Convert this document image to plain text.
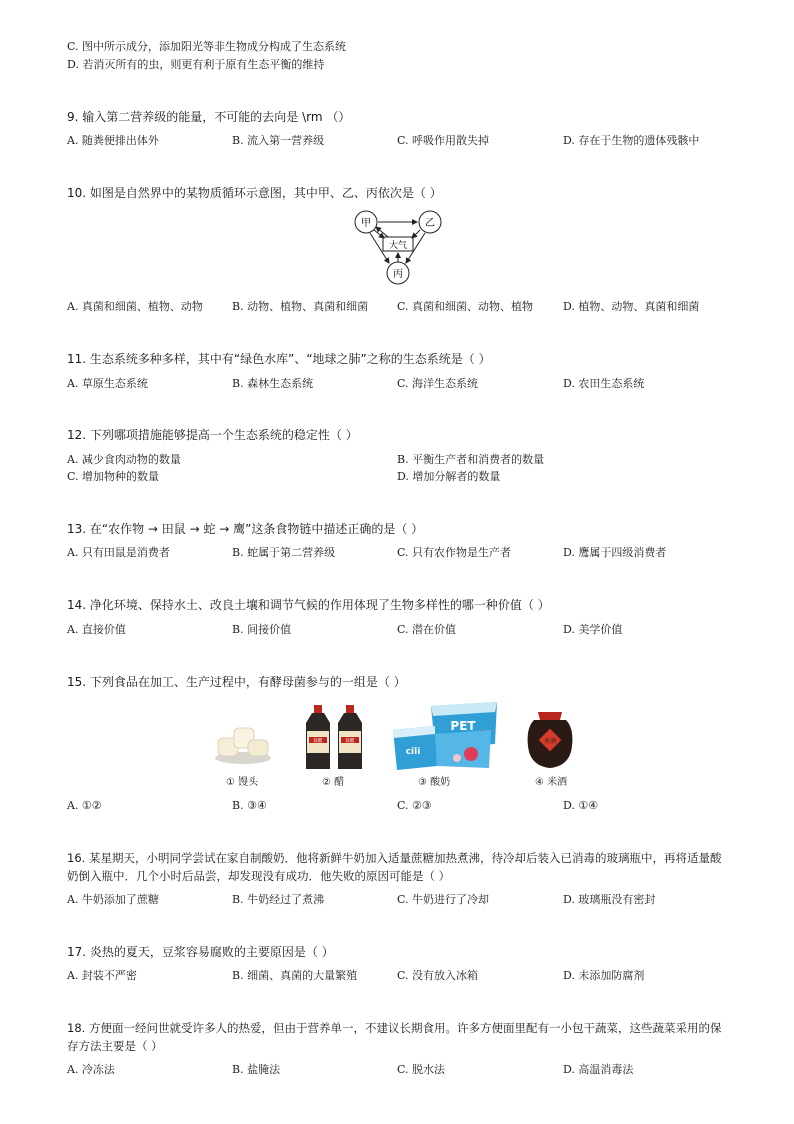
C. 图中所示成分，添加阳光等非生物成分构成了生态系统
D. 若消灭所有的虫，则更有利于原有生态平衡的维持
9. 输入第二营养级的能量，不可能的去向是 \rm （）
A. 随粪便排出体外	B. 流入第一营养级	C. 呼吸作用散失掉	D. 存在于生物的遗体残骸中
10. 如图是自然界中的某物质循环示意图，其中甲、乙、丙依次是（ ）
甲	乙
丙
大气
A. 真菌和细菌、植物、动物	B. 动物、植物、真菌和细菌	C. 真菌和细菌、动物、植物	D. 植物、动物、真菌和细菌
11. 生态系统多种多样，其中有“绿色水库”、“地球之肺”之称的生态系统是（ ）
A. 草原生态系统	B. 森林生态系统	C. 海洋生态系统	D. 农田生态系统
12. 下列哪项措施能够提高一个生态系统的稳定性（ ）
A. 减少食肉动物的数量	B. 平衡生产者和消费者的数量
C. 增加物种的数量	D. 增加分解者的数量
13. 在“农作物 → 田鼠 → 蛇 → 鹰”这条食物链中描述正确的是（ ）
A. 只有田鼠是消费者	B. 蛇属于第二营养级	C. 只有农作物是生产者	D. 鹰属于四级消费者
14. 净化环境、保持水土、改良土壤和调节气候的作用体现了生物多样性的哪一种价值（ ）
A. 直接价值	B. 间接价值	C. 潜在价值	D. 美学价值
15. 下列食品在加工、生产过程中，有酵母菌参与的一组是（ ）
陈醋	陈醋
PET
cili
米酒
① 馒头	② 醋	③ 酸奶	④ 米酒
A. ①②	B. ③④	C. ②③	D. ①④
16. 某星期天，小明同学尝试在家自制酸奶．他将新鲜牛奶加入适量蔗糖加热煮沸，待冷却后装入已消毒的玻璃瓶中，再将适量酸
奶倒入瓶中．几个小时后品尝，却发现没有成功．他失败的原因可能是（ ）
A. 牛奶添加了蔗糖	B. 牛奶经过了煮沸	C. 牛奶进行了冷却	D. 玻璃瓶没有密封
17. 炎热的夏天，豆浆容易腐败的主要原因是（ ）
A. 封装不严密	B. 细菌、真菌的大量繁殖	C. 没有放入冰箱	D. 未添加防腐剂
18. 方便面一经问世就受许多人的热爱，但由于营养单一，不建议长期食用。许多方便面里配有一小包干蔬菜，这些蔬菜采用的保
存方法主要是（ ）
A. 冷冻法	B. 盐腌法	C. 脱水法	D. 高温消毒法
